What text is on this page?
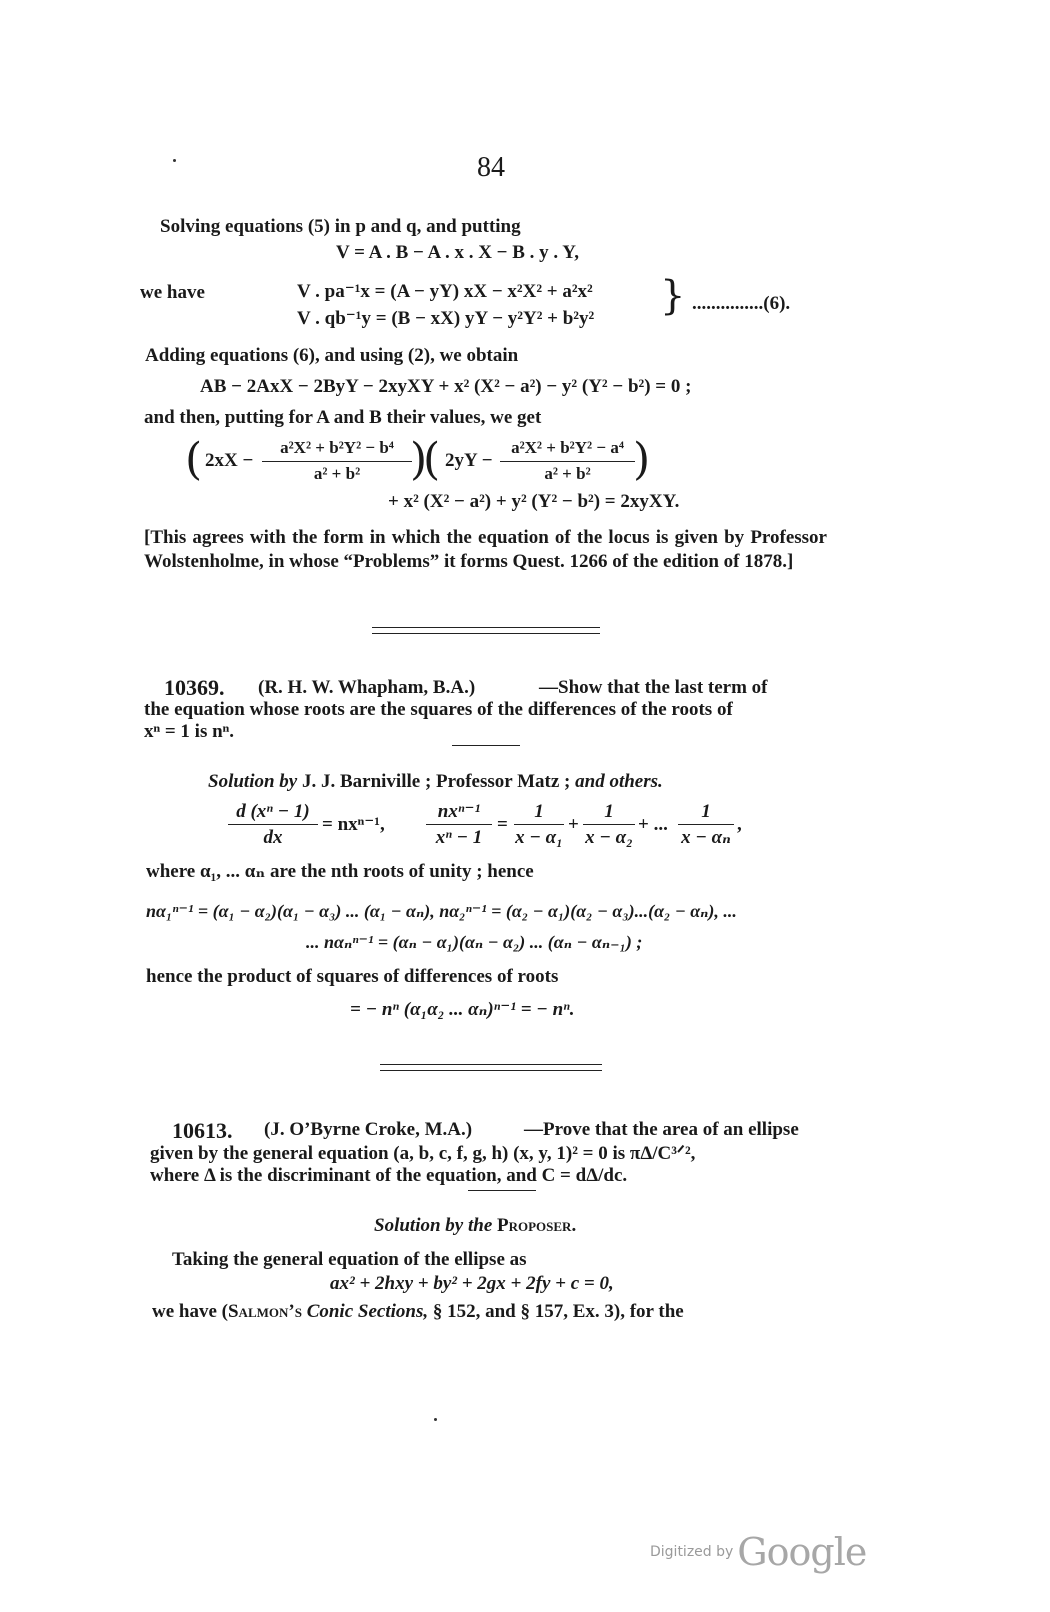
84
Solving equations (5) in p and q, and putting
V = A . B − A . x . X − B . y . Y,
we have	V . pa⁻¹x = (A − yY) xX − x²X² + a²x²
V . qb⁻¹y = (B − xX) yY − y²Y² + b²y² } ...............(6).
Adding equations (6), and using (2), we obtain
AB − 2AxX − 2ByY − 2xyXY + x² (X² − a²) − y² (Y² − b²) = 0 ;
and then, putting for A and B their values, we get
( 2xX −
a²X² + b²Y² − b⁴
a² + b²	)
( 2yY −
a²X² + b²Y² − a⁴
a² + b² )
+ x² (X² − a²) + y² (Y² − b²) = 2xyXY.
[This agrees with the form in which the equation of the locus is given by Professor Wolstenholme, in whose “Problems” it forms Quest. 1266 of the edition of 1878.]
10369. (R. H. W. Whapham, B.A.)	—Show that the last term of
the equation whose roots are the squares of the differences of the roots of
xⁿ = 1 is nⁿ.
Solution by J. J. Barnivillе ; Professor Matz ; and others.
d (xⁿ − 1)
dx
= nxⁿ⁻¹,
nxⁿ⁻¹
xⁿ − 1
=
1
x − α₁
+
1
x − α₂
+ ...
1
x − αₙ
,
where α₁, ... αₙ are the nth roots of unity ; hence
nα₁ⁿ⁻¹ = (α₁ − α₂)(α₁ − α₃) ... (α₁ − αₙ), nα₂ⁿ⁻¹ = (α₂ − α₁)(α₂ − α₃)...(α₂ − αₙ), ...
... nαₙⁿ⁻¹ = (αₙ − α₁)(αₙ − α₂) ... (αₙ − αₙ₋₁) ;
hence the product of squares of differences of roots
= − nⁿ (α₁α₂ ... αₙ)ⁿ⁻¹ = − nⁿ.
10613. (J. O’Byrne Croke, M.A.)	—Prove that the area of an ellipse
given by the general equation (a, b, c, f, g, h) (x, y, 1)² = 0 is πΔ/C³ᐟ²,
where Δ is the discriminant of the equation, and C = dΔ/dc.
Solution by the Proposer.
Taking the general equation of the ellipse as
ax² + 2hxy + by² + 2gx + 2fy + c = 0,
we have (Salmon’s Conic Sections, § 152, and § 157, Ex. 3), for the
Digitized by Google
